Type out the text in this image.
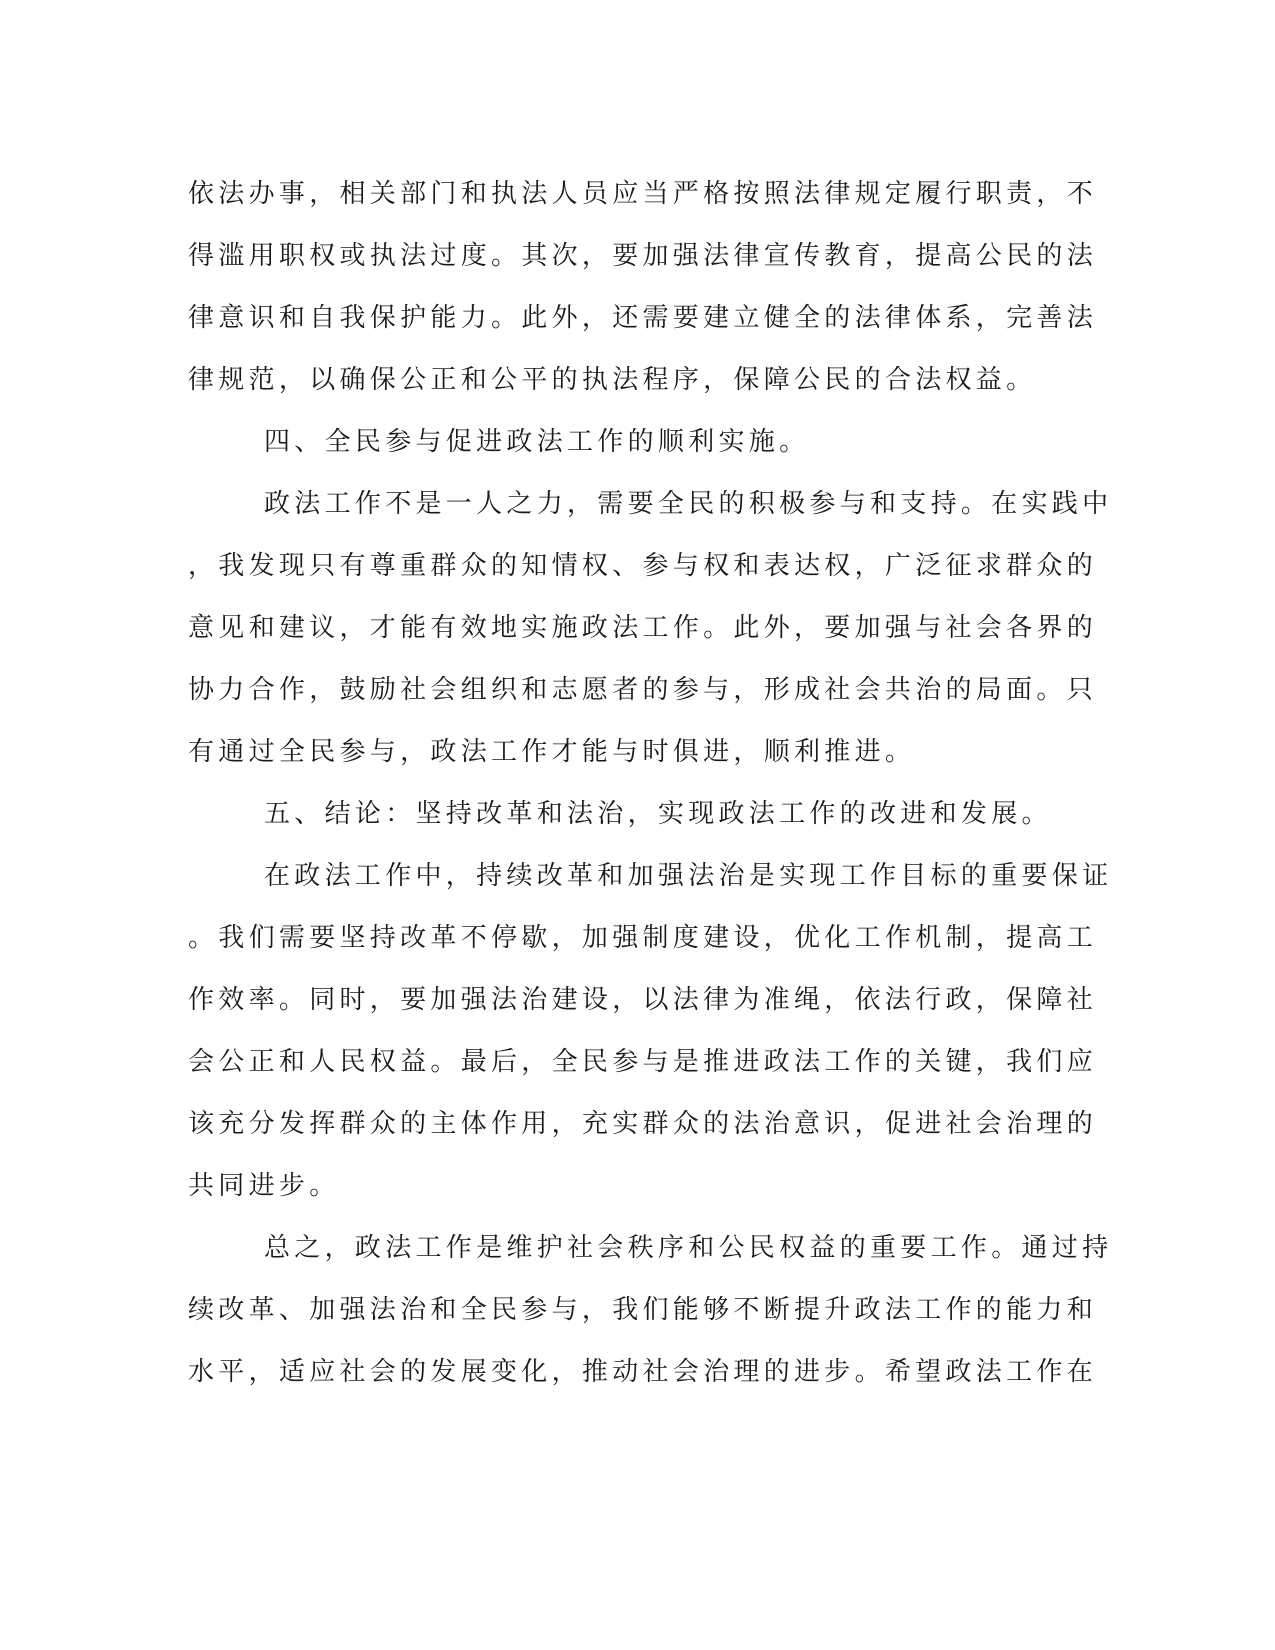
依法办事，相关部门和执法人员应当严格按照法律规定履行职责，不
得滥用职权或执法过度。其次，要加强法律宣传教育，提高公民的法
律意识和自我保护能力。此外，还需要建立健全的法律体系，完善法
律规范，以确保公正和公平的执法程序，保障公民的合法权益。
四、全民参与促进政法工作的顺利实施。
政法工作不是一人之力，需要全民的积极参与和支持。在实践中
，我发现只有尊重群众的知情权、参与权和表达权，广泛征求群众的
意见和建议，才能有效地实施政法工作。此外，要加强与社会各界的
协力合作，鼓励社会组织和志愿者的参与，形成社会共治的局面。只
有通过全民参与，政法工作才能与时俱进，顺利推进。
五、结论：坚持改革和法治，实现政法工作的改进和发展。
在政法工作中，持续改革和加强法治是实现工作目标的重要保证
。我们需要坚持改革不停歇，加强制度建设，优化工作机制，提高工
作效率。同时，要加强法治建设，以法律为准绳，依法行政，保障社
会公正和人民权益。最后，全民参与是推进政法工作的关键，我们应
该充分发挥群众的主体作用，充实群众的法治意识，促进社会治理的
共同进步。
总之，政法工作是维护社会秩序和公民权益的重要工作。通过持
续改革、加强法治和全民参与，我们能够不断提升政法工作的能力和
水平，适应社会的发展变化，推动社会治理的进步。希望政法工作在
